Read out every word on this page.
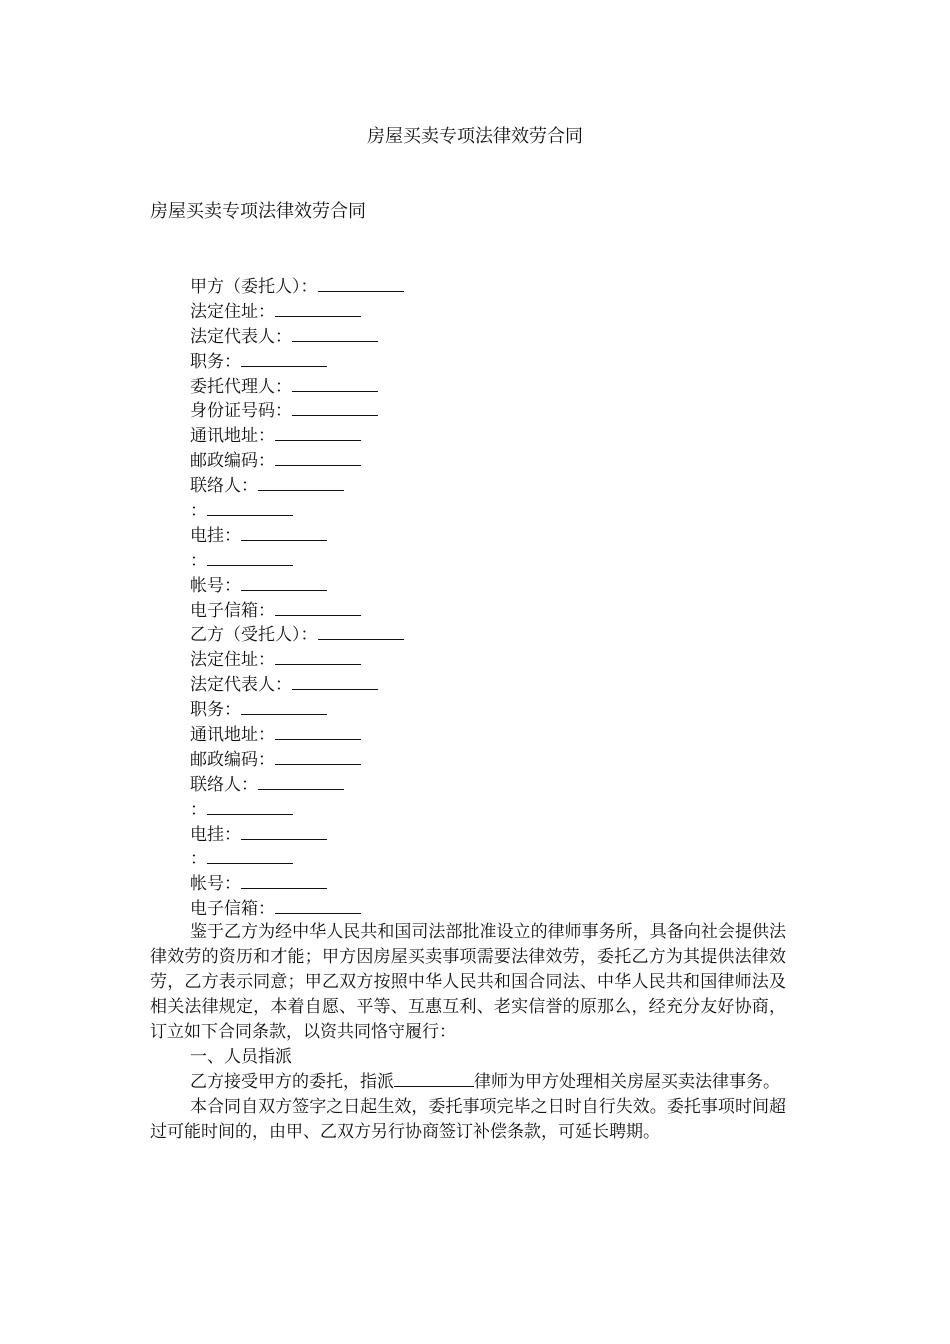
房屋买卖专项法律效劳合同
房屋买卖专项法律效劳合同
甲方（委托人）：
法定住址：
法定代表人：
职务：
委托代理人：
身份证号码：
通讯地址：
邮政编码：
联络人：
：
电挂：
：
帐号：
电子信箱：
乙方（受托人）：
法定住址：
法定代表人：
职务：
通讯地址：
邮政编码：
联络人：
：
电挂：
：
帐号：
电子信箱：

鉴于乙方为经中华人民共和国司法部批准设立的律师事务所，具备向社会提供法律效劳的资历和才能；甲方因房屋买卖事项需要法律效劳，委托乙方为其提供法律效劳，乙方表示同意；甲乙双方按照中华人民共和国合同法、中华人民共和国律师法及相关法律规定，本着自愿、平等、互惠互利、老实信誉的原那么，经充分友好协商，订立如下合同条款，以资共同恪守履行：

一、人员指派

乙方接受甲方的委托，指派	律师为甲方处理相关房屋买卖法律事务。

本合同自双方签字之日起生效，委托事项完毕之日时自行失效。委托事项时间超过可能时间的，由甲、乙双方另行协商签订补偿条款，可延长聘期。
